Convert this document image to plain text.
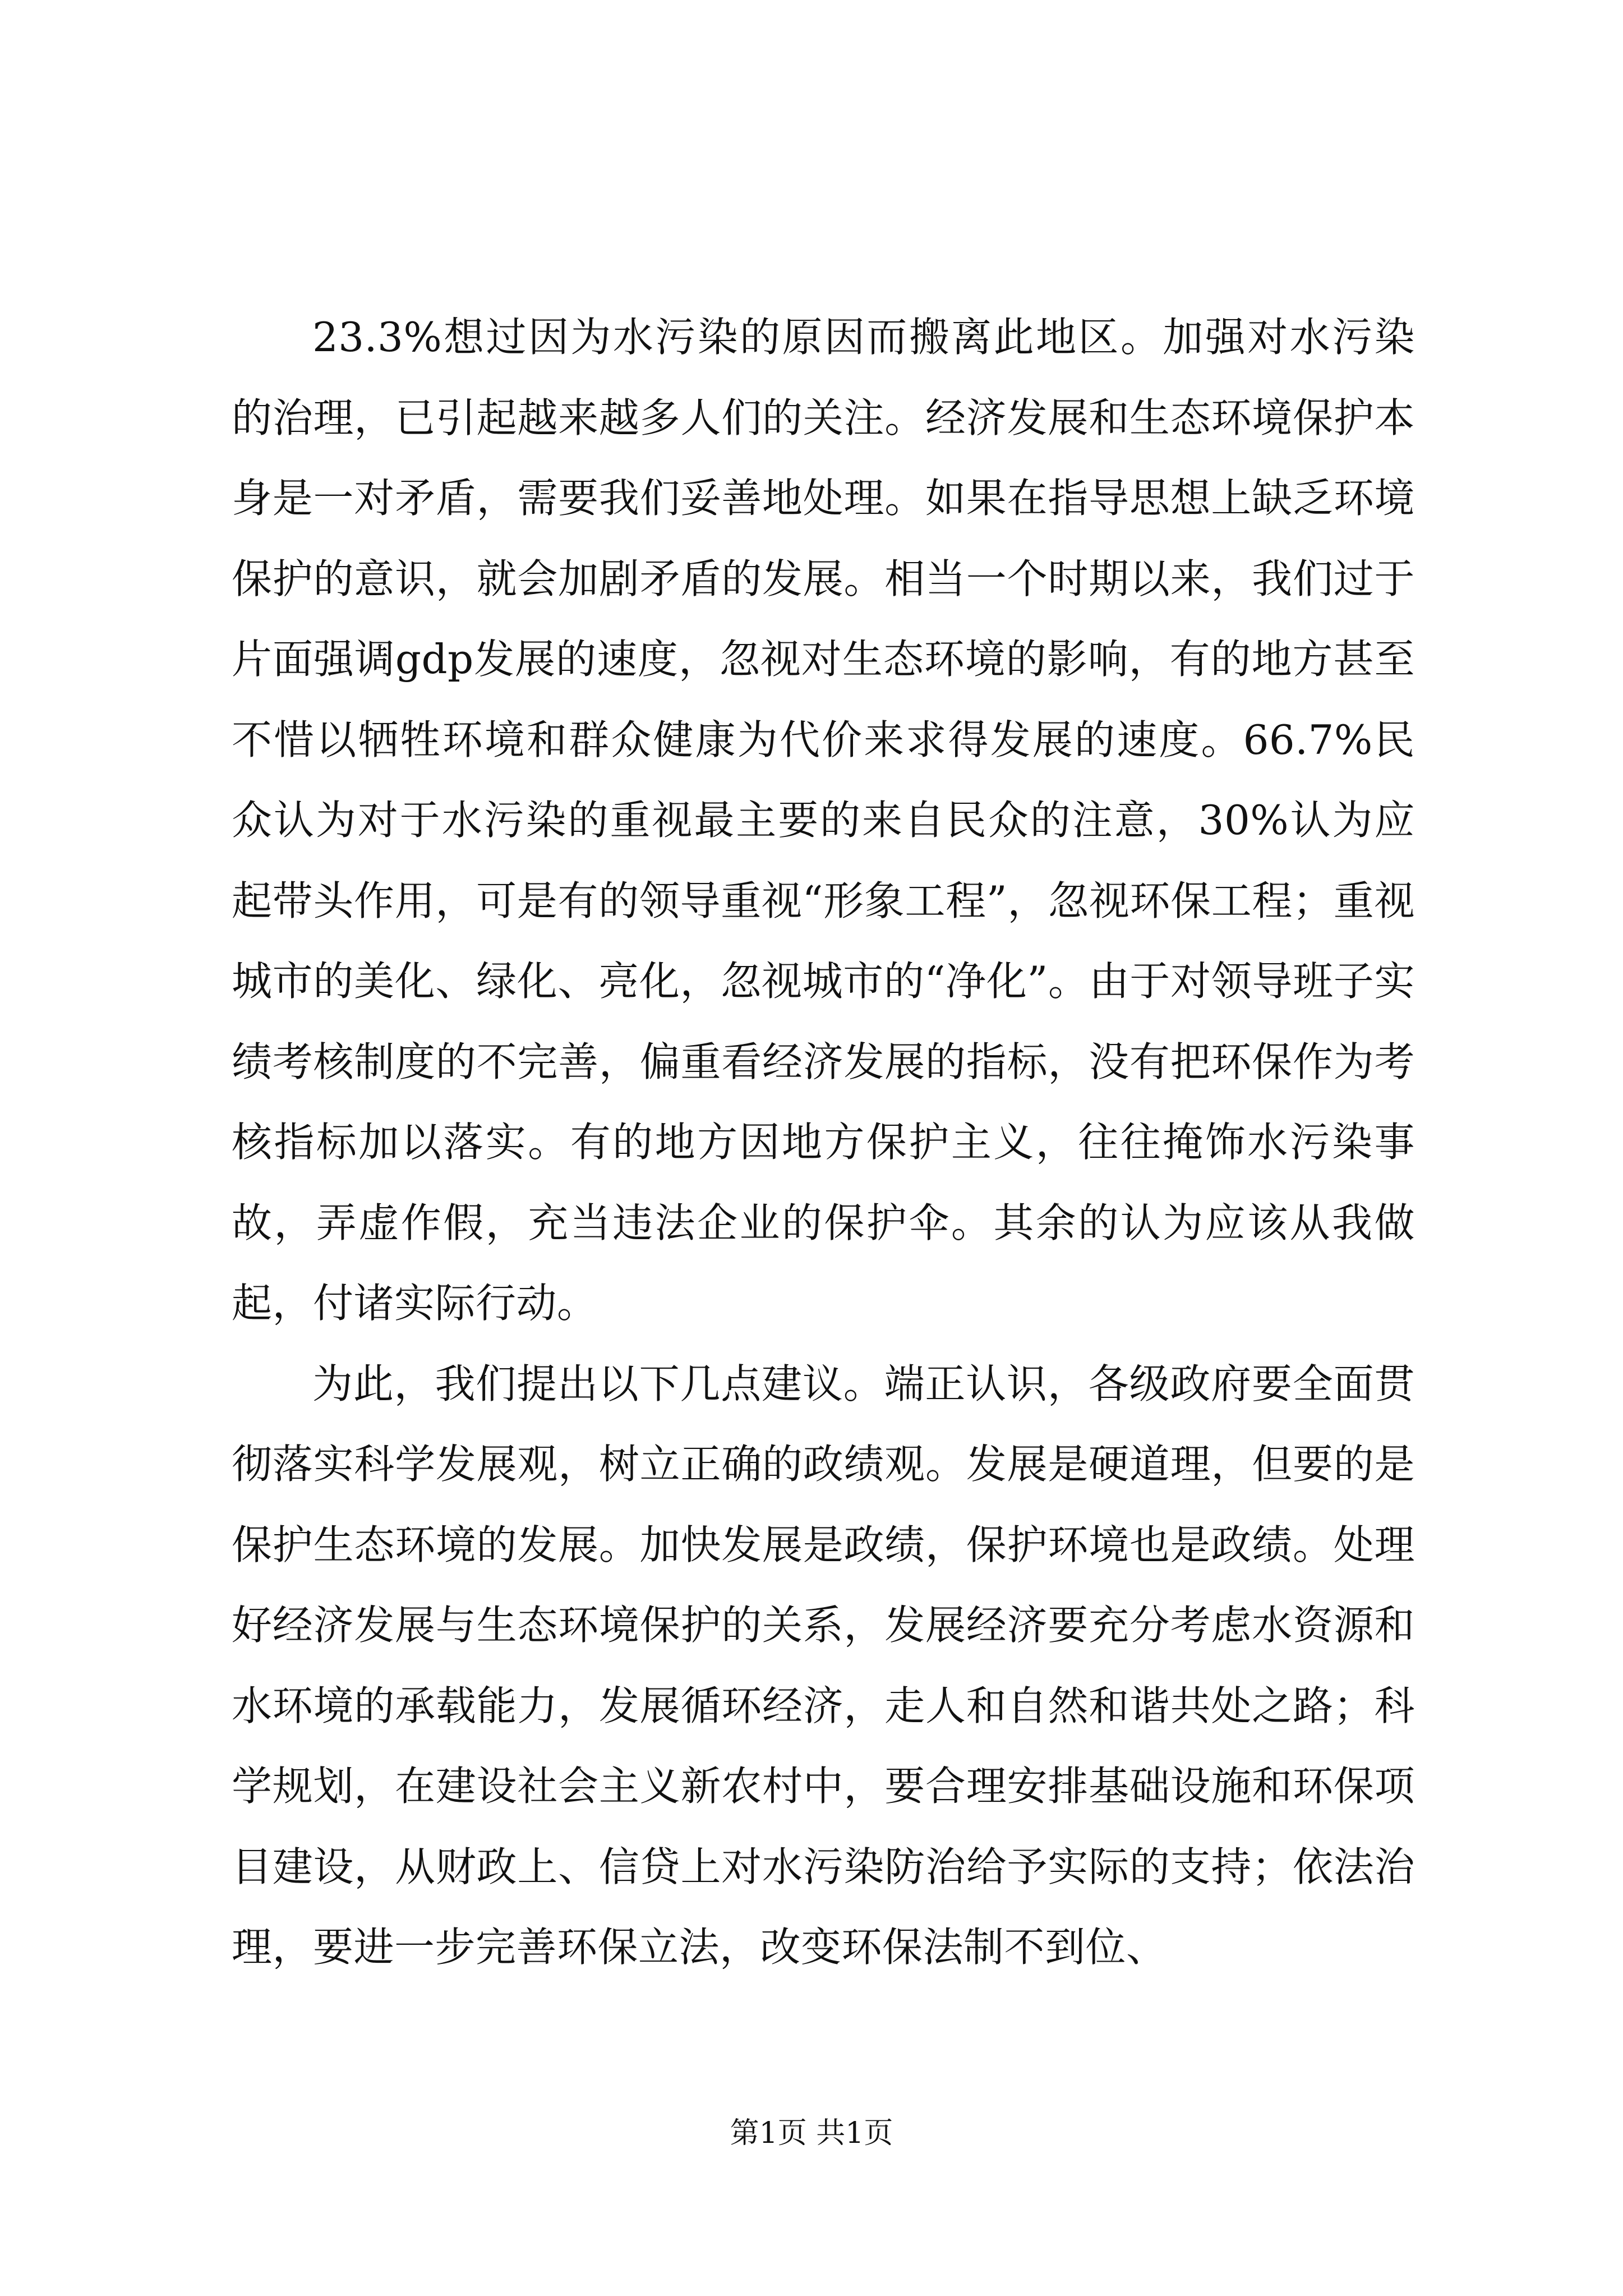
23.3%想过因为水污染的原因而搬离此地区。加强对水污染的治理，已引起越来越多人们的关注。经济发展和生态环境保护本身是一对矛盾，需要我们妥善地处理。如果在指导思想上缺乏环境保护的意识，就会加剧矛盾的发展。相当一个时期以来，我们过于片面强调gdp发展的速度，忽视对生态环境的影响，有的地方甚至不惜以牺牲环境和群众健康为代价来求得发展的速度。66.7%民众认为对于水污染的重视最主要的来自民众的注意，30%认为应起带头作用，可是有的领导重视“形象工程”，忽视环保工程；重视城市的美化、绿化、亮化，忽视城市的“净化”。由于对领导班子实绩考核制度的不完善，偏重看经济发展的指标，没有把环保作为考核指标加以落实。有的地方因地方保护主义，往往掩饰水污染事故，弄虚作假，充当违法企业的保护伞。其余的认为应该从我做起，付诸实际行动。

为此，我们提出以下几点建议。端正认识，各级政府要全面贯彻落实科学发展观，树立正确的政绩观。发展是硬道理，但要的是保护生态环境的发展。加快发展是政绩，保护环境也是政绩。处理好经济发展与生态环境保护的关系，发展经济要充分考虑水资源和水环境的承载能力，发展循环经济，走人和自然和谐共处之路；科学规划，在建设社会主义新农村中，要合理安排基础设施和环保项目建设，从财政上、信贷上对水污染防治给予实际的支持；依法治理，要进一步完善环保立法，改变环保法制不到位、

第1页 共1页
